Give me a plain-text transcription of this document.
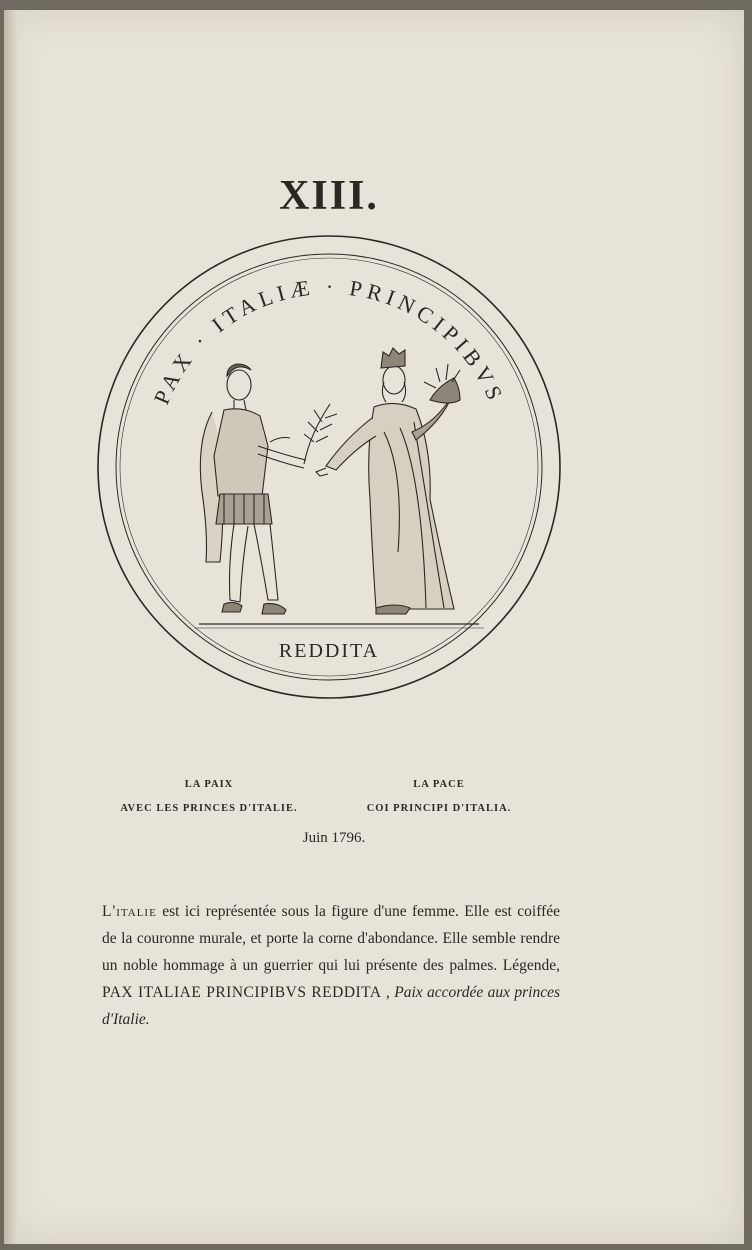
XIII.
PAX · ITALIÆ · PRINCIPIBVS
REDDITA
LA PAIX
AVEC LES PRINCES D'ITALIE.
LA PACE
COI PRINCIPI D'ITALIA.
Juin 1796.

L'italie est ici représentée sous la figure d'une femme. Elle est coiffée de la couronne murale, et porte la corne d'abondance. Elle semble rendre un noble hommage à un guerrier qui lui présente des palmes. Légende, PAX ITALIAE PRINCIPIBVS REDDITA , Paix accordée aux princes d'Italie.
